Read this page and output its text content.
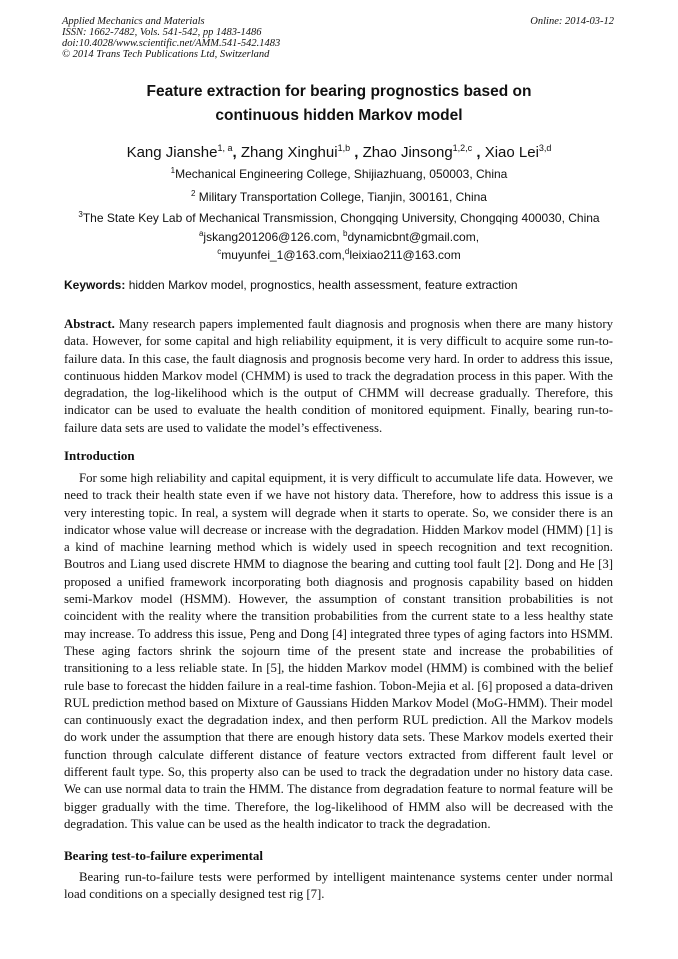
Applied Mechanics and Materials
ISSN: 1662-7482, Vols. 541-542, pp 1483-1486
doi:10.4028/www.scientific.net/AMM.541-542.1483
© 2014 Trans Tech Publications Ltd, Switzerland
Online: 2014-03-12
Feature extraction for bearing prognostics based on
continuous hidden Markov model
Kang Jianshe$^{1, a}$, Zhang Xinghui$^{1,b}$ , Zhao Jinsong$^{1,2,c}$ , Xiao Lei$^{3,d}$
$^1$Mechanical Engineering College, Shijiazhuang, 050003, China
$^2$ Military Transportation College, Tianjin, 300161, China
$^3$The State Key Lab of Mechanical Transmission, Chongqing University, Chongqing 400030, China
$^a$jskang201206@126.com, $^b$dynamicbnt@gmail.com,
$^c$muyunfei_1@163.com,$^d$leixiao211@163.com
Keywords: hidden Markov model, prognostics, health assessment, feature extraction

Abstract. Many research papers implemented fault diagnosis and prognosis when there are many history data. However, for some capital and high reliability equipment, it is very difficult to acquire some run-to-failure data. In this case, the fault diagnosis and prognosis become very hard. In order to address this issue, continuous hidden Markov model (CHMM) is used to track the degradation process in this paper. With the degradation, the log-likelihood which is the output of CHMM will decrease gradually. Therefore, this indicator can be used to evaluate the health condition of monitored equipment. Finally, bearing run-to-failure data sets are used to validate the model’s effectiveness.

Introduction

For some high reliability and capital equipment, it is very difficult to accumulate life data. However, we need to track their health state even if we have not history data. Therefore, how to address this issue is a very interesting topic. In real, a system will degrade when it starts to operate. So, we consider there is an indicator whose value will decrease or increase with the degradation. Hidden Markov model (HMM) [1] is a kind of machine learning method which is widely used in speech recognition and text recognition. Boutros and Liang used discrete HMM to diagnose the bearing and cutting tool fault [2]. Dong and He [3] proposed a unified framework incorporating both diagnosis and prognosis capability based on hidden semi-Markov model (HSMM). However, the assumption of constant transition probabilities is not coincident with the reality where the transition probabilities from the current state to a less healthy state may increase. To address this issue, Peng and Dong [4] integrated three types of aging factors into HSMM. These aging factors shrink the sojourn time of the present state and increase the probabilities of transitioning to a less reliable state. In [5], the hidden Markov model (HMM) is combined with the belief rule base to forecast the hidden failure in a real-time fashion. Tobon-Mejia et al. [6] proposed a data-driven RUL prediction method based on Mixture of Gaussians Hidden Markov Model (MoG-HMM). Their model can continuously exact the degradation index, and then perform RUL prediction. All the Markov models do work under the assumption that there are enough history data sets. These Markov models exerted their function through calculate different distance of feature vectors extracted from different fault level or different fault type. So, this property also can be used to track the degradation under no history data case. We can use normal data to train the HMM. The distance from degradation feature to normal feature will be bigger gradually with the time. Therefore, the log-likelihood of HMM also will be decreased with the degradation. This value can be used as the health indicator to track the degradation.

Bearing test-to-failure experimental

Bearing run-to-failure tests were performed by intelligent maintenance systems center under normal load conditions on a specially designed test rig [7].
